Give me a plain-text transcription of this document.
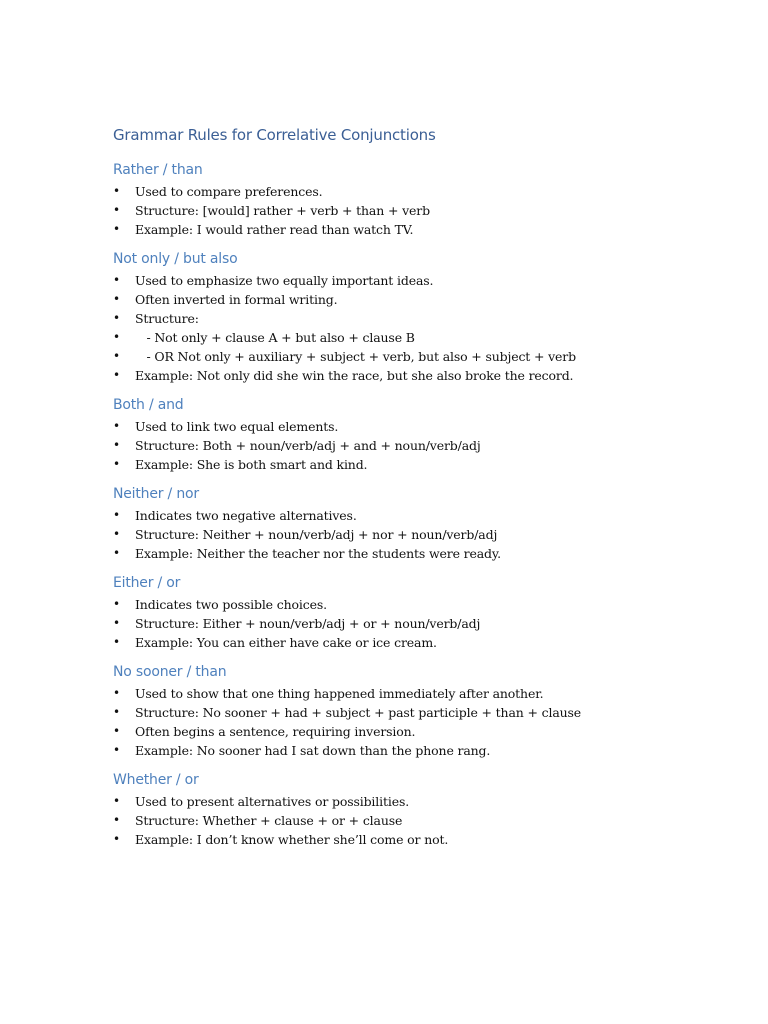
Grammar Rules for Correlative Conjunctions
Rather / than
• Used to compare preferences.
• Structure: [would] rather + verb + than + verb
• Example: I would rather read than watch TV.
Not only / but also
• Used to emphasize two equally important ideas.
• Often inverted in formal writing.
• Structure:
• - Not only + clause A + but also + clause B
• - OR Not only + auxiliary + subject + verb, but also + subject + verb
• Example: Not only did she win the race, but she also broke the record.
Both / and
• Used to link two equal elements.
• Structure: Both + noun/verb/adj + and + noun/verb/adj
• Example: She is both smart and kind.
Neither / nor
• Indicates two negative alternatives.
• Structure: Neither + noun/verb/adj + nor + noun/verb/adj
• Example: Neither the teacher nor the students were ready.
Either / or
• Indicates two possible choices.
• Structure: Either + noun/verb/adj + or + noun/verb/adj
• Example: You can either have cake or ice cream.
No sooner / than
• Used to show that one thing happened immediately after another.
• Structure: No sooner + had + subject + past participle + than + clause
• Often begins a sentence, requiring inversion.
• Example: No sooner had I sat down than the phone rang.
Whether / or
• Used to present alternatives or possibilities.
• Structure: Whether + clause + or + clause
• Example: I don’t know whether she’ll come or not.
